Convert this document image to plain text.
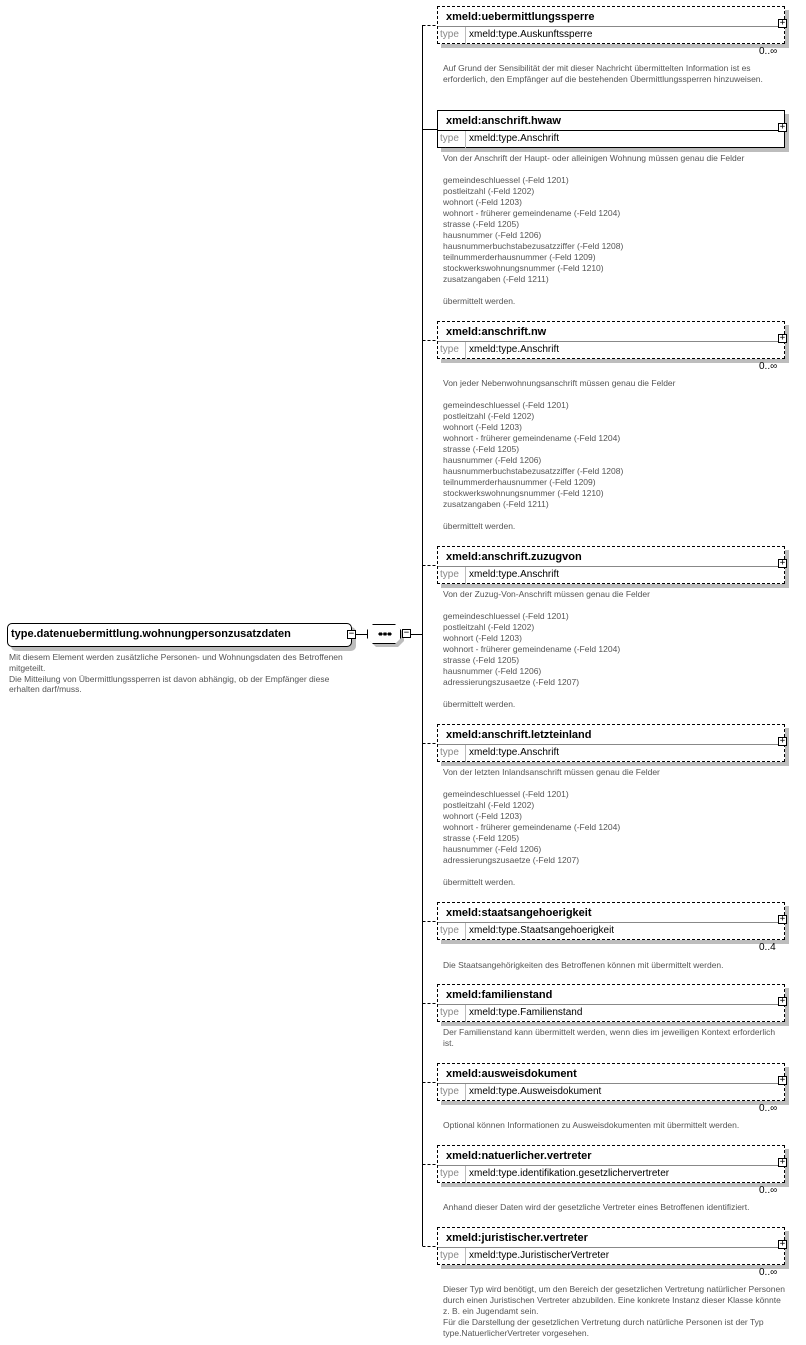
type.datenuebermittlung.wohnungpersonzusatzdaten	−
Mit diesem Element werden zusätzliche Personen- und Wohnungsdaten des Betroffenen mitgeteilt.
Die Mitteilung von Übermittlungssperren ist davon abhängig, ob der Empfänger diese erhalten darf/muss.
−
xmeld:uebermittlungssperre
type xmeld:type.Auskunftssperre
+
0..∞
Auf Grund der Sensibilität der mit dieser Nachricht übermittelten Information ist es erforderlich, den Empfänger auf die bestehenden Übermittlungssperren hinzuweisen.
xmeld:anschrift.hwaw
type xmeld:type.Anschrift
+
Von der Anschrift der Haupt- oder alleinigen Wohnung müssen genau die Felder

gemeindeschluessel (-Feld 1201)
postleitzahl (-Feld 1202)
wohnort (-Feld 1203)
wohnort - früherer gemeindename (-Feld 1204)
strasse (-Feld 1205)
hausnummer (-Feld 1206)
hausnummerbuchstabezusatzziffer (-Feld 1208)
teilnummerderhausnummer (-Feld 1209)
stockwerkswohnungsnummer (-Feld 1210)
zusatzangaben (-Feld 1211)

übermittelt werden.
xmeld:anschrift.nw
type xmeld:type.Anschrift
+
0..∞
Von jeder Nebenwohnungsanschrift müssen genau die Felder

gemeindeschluessel (-Feld 1201)
postleitzahl (-Feld 1202)
wohnort (-Feld 1203)
wohnort - früherer gemeindename (-Feld 1204)
strasse (-Feld 1205)
hausnummer (-Feld 1206)
hausnummerbuchstabezusatzziffer (-Feld 1208)
teilnummerderhausnummer (-Feld 1209)
stockwerkswohnungsnummer (-Feld 1210)
zusatzangaben (-Feld 1211)

übermittelt werden.
xmeld:anschrift.zuzugvon
type xmeld:type.Anschrift
+
Von der Zuzug-Von-Anschrift müssen genau die Felder

gemeindeschluessel (-Feld 1201)
postleitzahl (-Feld 1202)
wohnort (-Feld 1203)
wohnort - früherer gemeindename (-Feld 1204)
strasse (-Feld 1205)
hausnummer (-Feld 1206)
adressierungszusaetze (-Feld 1207)

übermittelt werden.
xmeld:anschrift.letzteinland
type xmeld:type.Anschrift
+
Von der letzten Inlandsanschrift müssen genau die Felder

gemeindeschluessel (-Feld 1201)
postleitzahl (-Feld 1202)
wohnort (-Feld 1203)
wohnort - früherer gemeindename (-Feld 1204)
strasse (-Feld 1205)
hausnummer (-Feld 1206)
adressierungszusaetze (-Feld 1207)

übermittelt werden.
xmeld:staatsangehoerigkeit
type xmeld:type.Staatsangehoerigkeit
+
0..4
Die Staatsangehörigkeiten des Betroffenen können mit übermittelt werden.
xmeld:familienstand
type xmeld:type.Familienstand
+
Der Familienstand kann übermittelt werden, wenn dies im jeweiligen Kontext erforderlich ist.
xmeld:ausweisdokument
type xmeld:type.Ausweisdokument
+
0..∞
Optional können Informationen zu Ausweisdokumenten mit übermittelt werden.
xmeld:natuerlicher.vertreter
type xmeld:type.identifikation.gesetzlichervertreter
+
0..∞
Anhand dieser Daten wird der gesetzliche Vertreter eines Betroffenen identifiziert.
xmeld:juristischer.vertreter
type xmeld:type.JuristischerVertreter
+
0..∞
Dieser Typ wird benötigt, um den Bereich der gesetzlichen Vertretung natürlicher Personen durch einen Juristischen Vertreter abzubilden. Eine konkrete Instanz dieser Klasse könnte z. B. ein Jugendamt sein.
Für die Darstellung der gesetzlichen Vertretung durch natürliche Personen ist der Typ type.NatuerlicherVertreter vorgesehen.
